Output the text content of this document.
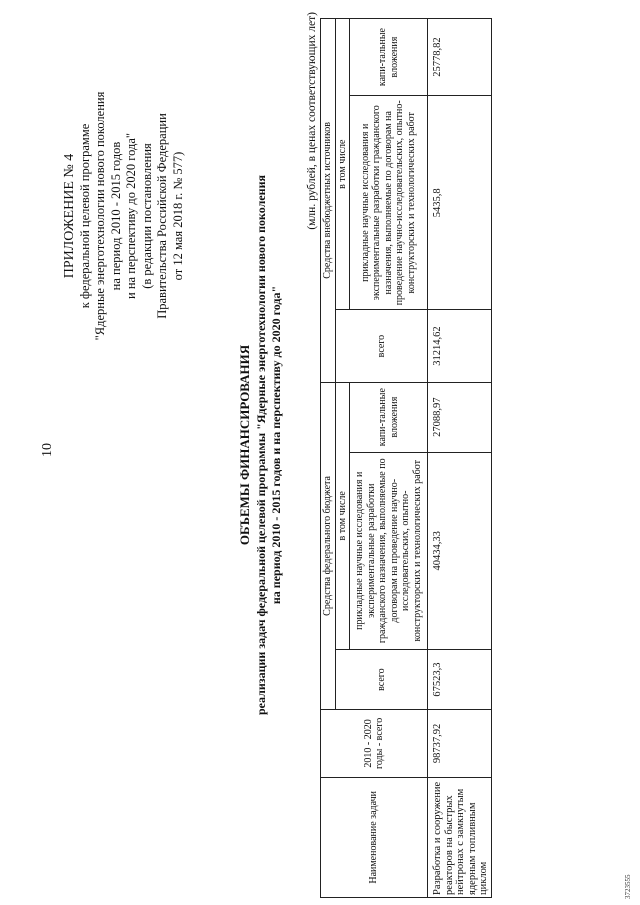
10
ПРИЛОЖЕНИЕ № 4 к федеральной целевой программе "Ядерные энерготехнологии нового поколения на период 2010 - 2015 годов и на перспективу до 2020 года" (в редакции постановления Правительства Российской Федерации от 12 мая 2018 г. № 577)
ОБЪЕМЫ ФИНАНСИРОВАНИЯ реализации задач федеральной целевой программы "Ядерные энерготехнологии нового поколения на период 2010 - 2015 годов и на перспективу до 2020 года"
(млн. рублей, в ценах соответствующих лет)
Наименование задачи	2010 - 2020 годы - всего	Средства федерального бюджета			Средства внебюджетных источников		
		всего	в том числе		всего	в том числе	
			прикладные научные исследования и экспериментальные разработки гражданского назначения, выполняемые по договорам на проведение научно-исследовательских, опытно-конструкторских и технологических работ	капи-тальные вложения		прикладные научные исследования и экспериментальные разработки гражданского назначения, выполняемые по договорам на проведение научно-исследовательских, опытно-конструкторских и технологических работ	капи-тальные вложения
Разработка и сооружение реакторов на быстрых нейтронах с замкнутым ядерным топливным циклом	98737,92	67523,3	40434,33	27088,97	31214,62	5435,8	25778,82
3723555
